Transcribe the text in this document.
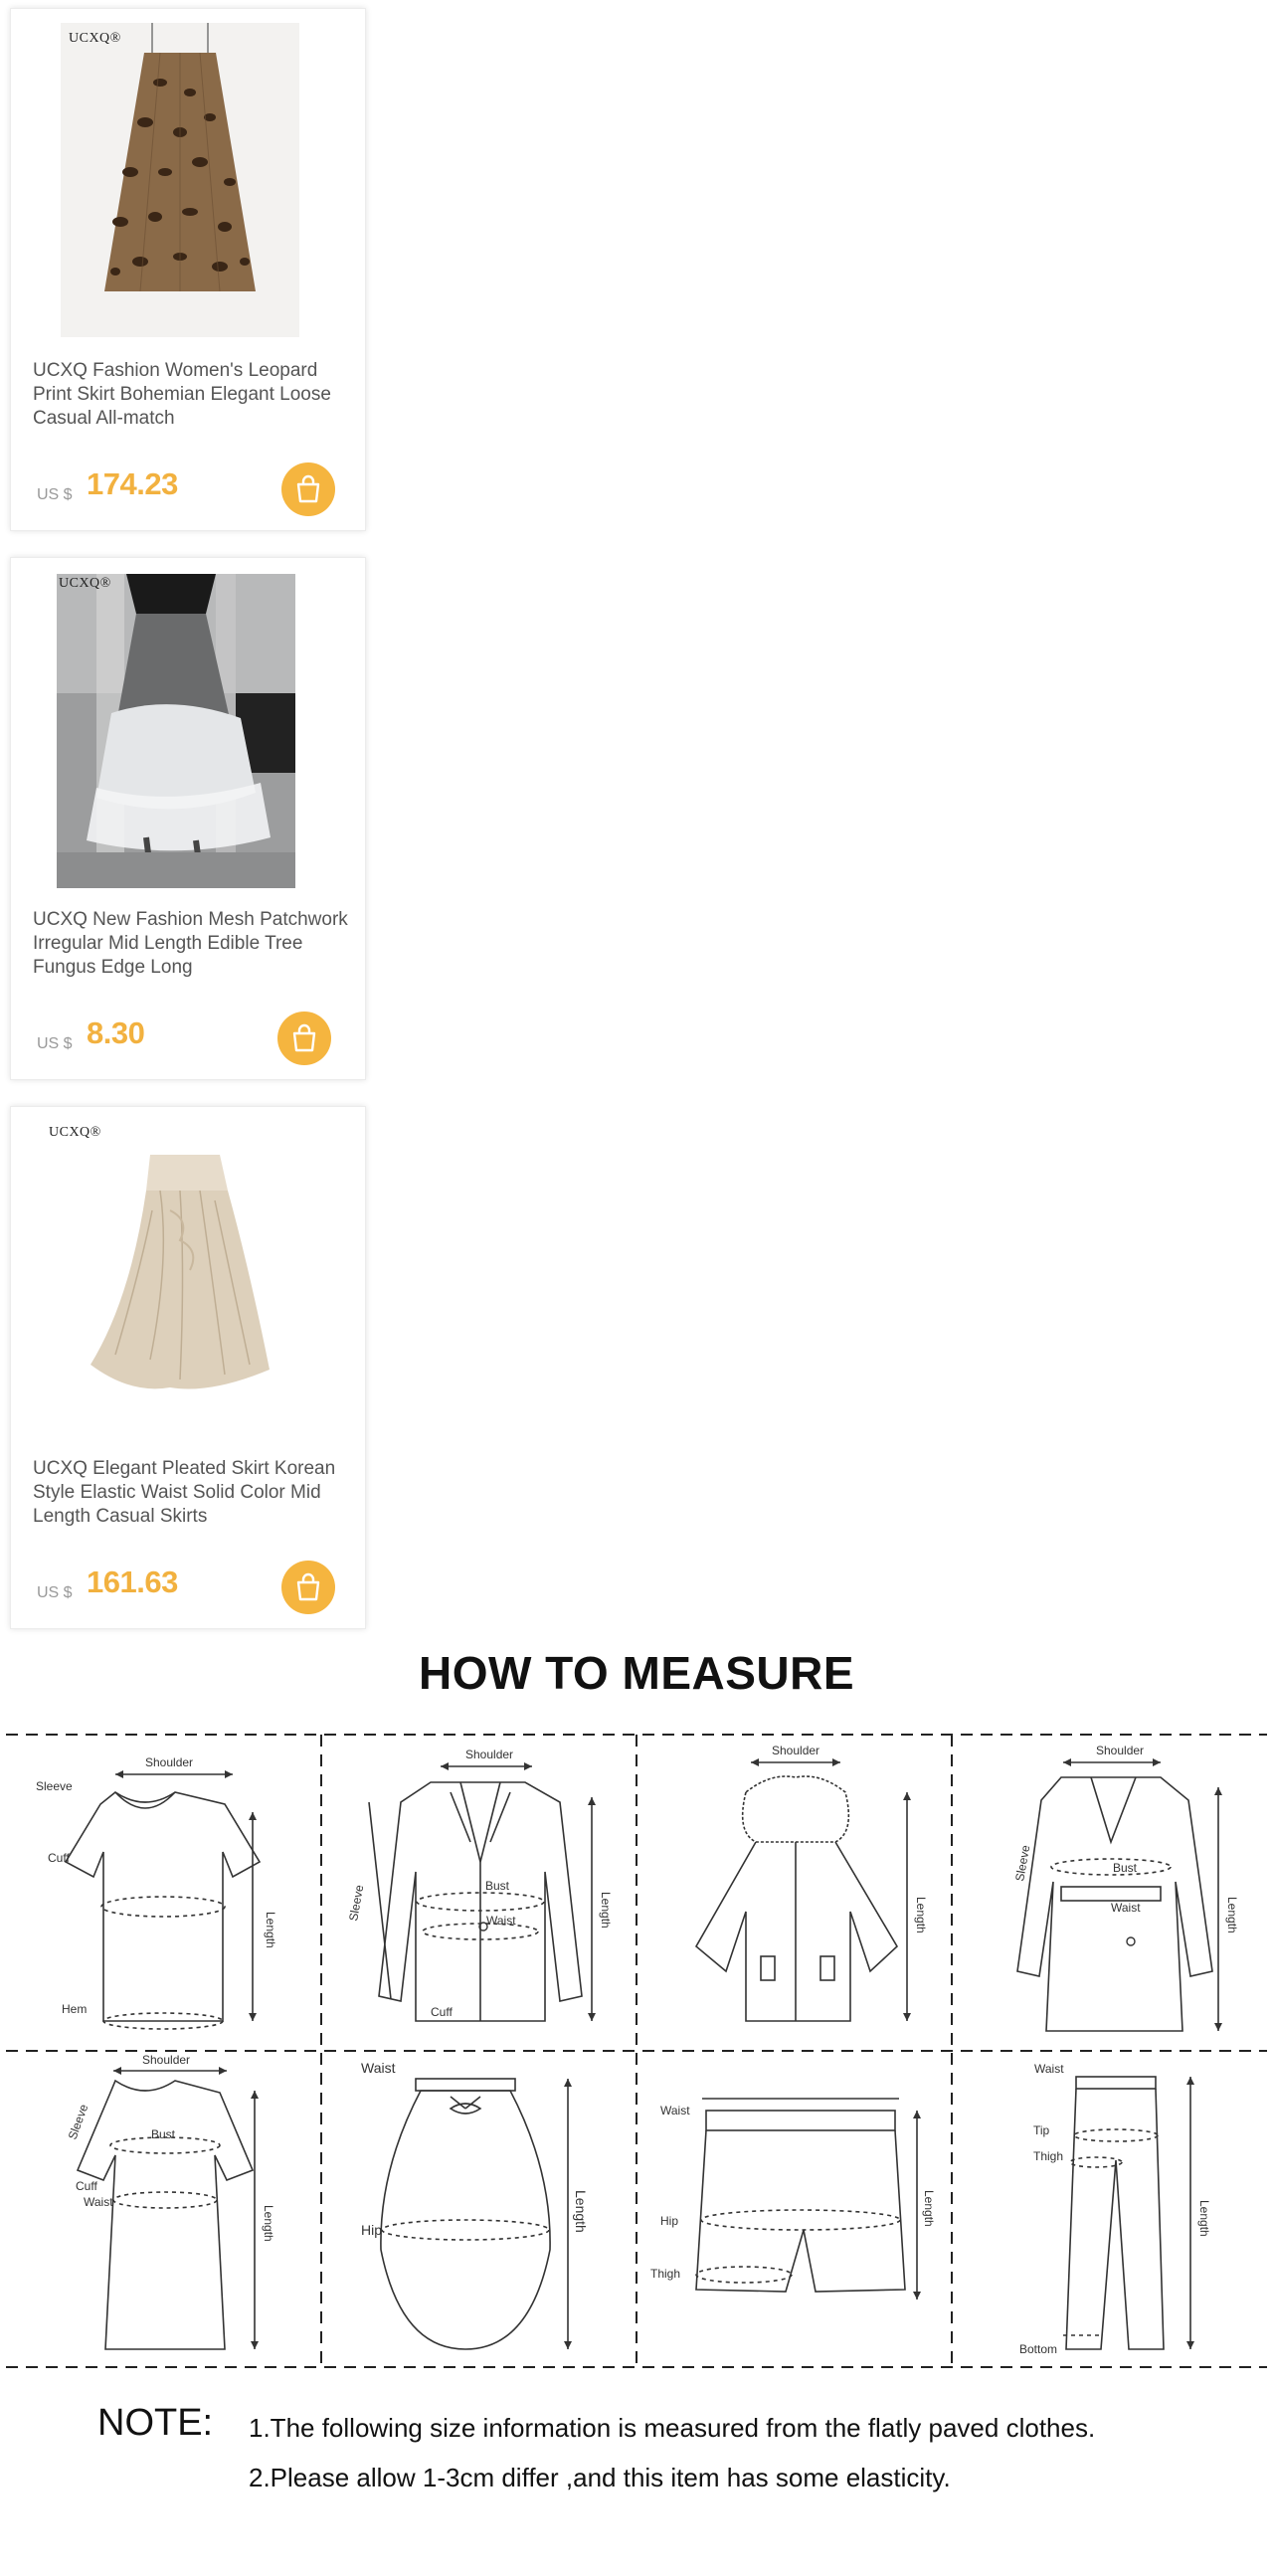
UCXQ®
UCXQ Fashion Women's Leopard Print Skirt Bohemian Elegant Loose Casual All-match
US $ 174.23
UCXQ®
UCXQ New Fashion Mesh Patchwork Irregular Mid Length Edible Tree Fungus Edge Long
US $ 8.30
UCXQ®
UCXQ Elegant Pleated Skirt Korean Style Elastic Waist Solid Color Mid Length Casual Skirts
US $ 161.63
HOW TO MEASURE
Shoulder
Sleeve
Cuff
Hem
Length
Shoulder
Sleeve	Bust
Waist
Cuff
Length
Shoulder
Length
Shoulder
Sleeve	Bust
Waist	Length
Shoulder
Sleeve	Bust
Cuff
Waist
Length
Waist
Hip	Length
Waist
Hip
Thigh
Length
Waist
Tip
Thigh
Bottom
Length
NOTE: 1.The following size information is measured from the flatly paved clothes.
2.Please allow 1-3cm differ ,and this item has some elasticity.
